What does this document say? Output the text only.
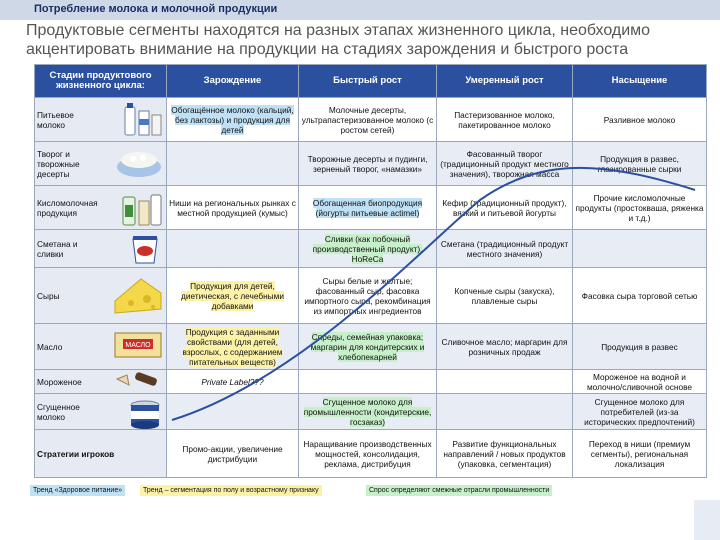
Потребление молока и молочной продукции
Продуктовые сегменты находятся на разных этапах жизненного цикла, необходимо акцентировать внимание на продукции на стадиях зарождения и быстрого роста
Стадии продуктового жизненного цикла:	Зарождение	Быстрый рост	Умеренный рост	Насыщение

Питьевое молоко	Обогащённое молоко (кальций, без лактозы) и продукция для детей	Молочные десерты, ультрапастеризованное молоко (с ростом сетей)	Пастеризованное молоко, пакетированное молоко	Разливное молоко

Творог и творожные десерты		Творожные десерты и пудинги, зерненый творог, «намазки»	Фасованный творог (традиционный продукт местного значения), творожная масса	Продукция в развес, глазированные сырки

Кисломолочная продукция	Ниши на региональных рынках с местной продукцией (кумыс)	Обогащенная биопродукция (йогурты питьевые actimel)	Кефир (традиционный продукт), вязкий и питьевой йогурты	Прочие кисломолочные продукты (простокваша, ряженка и т.д.)

Сметана и сливки		Сливки (как побочный производственный продукт), HoReCa	Сметана (традиционный продукт местного значения)	

Сыры	Продукция для детей, диетическая, с лечебными добавками	Сыры белые и желтые; фасованный сыр, фасовка импортного сыра, рекомбинация из импортных ингредиентов	Копченые сыры (закуска), плавленые сыры	Фасовка сыра торговой сетью

Масло МАСЛО	Продукция с заданными свойствами (для детей, взрослых, с содержанием питательных веществ)	Спреды, семейная упаковка; маргарин для кондитерских и хлебопекарней	Сливочное масло; маргарин для розничных продаж	Продукция в развес

Мороженое	Private Label???			Мороженое на водной и молочно/сливочной основе

Сгущенное молоко		Сгущенное молоко для промышленности (кондитерские, госзаказ)		Сгущенное молоко для потребителей (из-за исторических предпочтений)

Стратегии игроков	Промо-акции, увеличение дистрибуции	Наращивание производственных мощностей, консолидация, реклама, дистрибуция	Развитие функциональных направлений / новых продуктов (упаковка, сегментация)	Переход в ниши (премиум сегменты), региональная локализация
Тренд «Здоровое питание»	Тренд – сегментация по полу и возрастному признаку	Спрос определяют смежные отрасли промышленности
